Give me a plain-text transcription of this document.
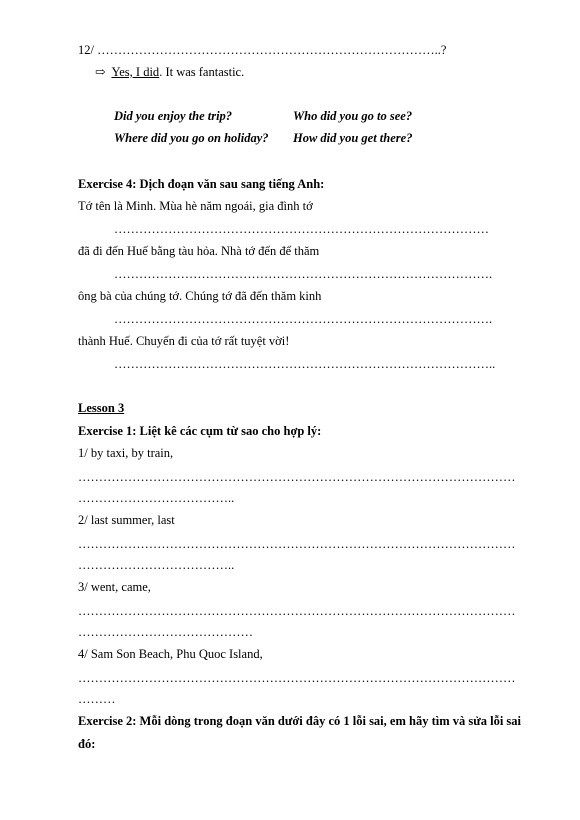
12/ ………………………………………………………………………..?
⇨ Yes, I did. It was fantastic.
Did you enjoy the trip?	Who did you go to see?
Where did you go on holiday? How did you get there?
Exercise 4: Dịch đoạn văn sau sang tiếng Anh:
Tớ tên là Minh. Mùa hè năm ngoái, gia đình tớ
………………………………………………………………………………
đã đi đến Huế bằng tàu hỏa. Nhà tớ đến để thăm
……………………………………………………………………………….
ông bà của chúng tớ. Chúng tớ đã đến thăm kinh
……………………………………………………………………………….
thành Huế. Chuyến đi của tớ rất tuyệt vời!
………………………………………………………………………………..
Lesson 3
Exercise 1: Liệt kê các cụm từ sao cho hợp lý:
1/ by taxi, by train,
……………………………………………………………………………………………
………………………………..
2/ last summer, last
……………………………………………………………………………………………
………………………………..
3/ went, came,
……………………………………………………………………………………………
……………………………………
4/ Sam Son Beach, Phu Quoc Island,
……………………………………………………………………………………………
………
Exercise 2: Mỗi dòng trong đoạn văn dưới đây có 1 lỗi sai, em hãy tìm và sửa lỗi sai
đó:
